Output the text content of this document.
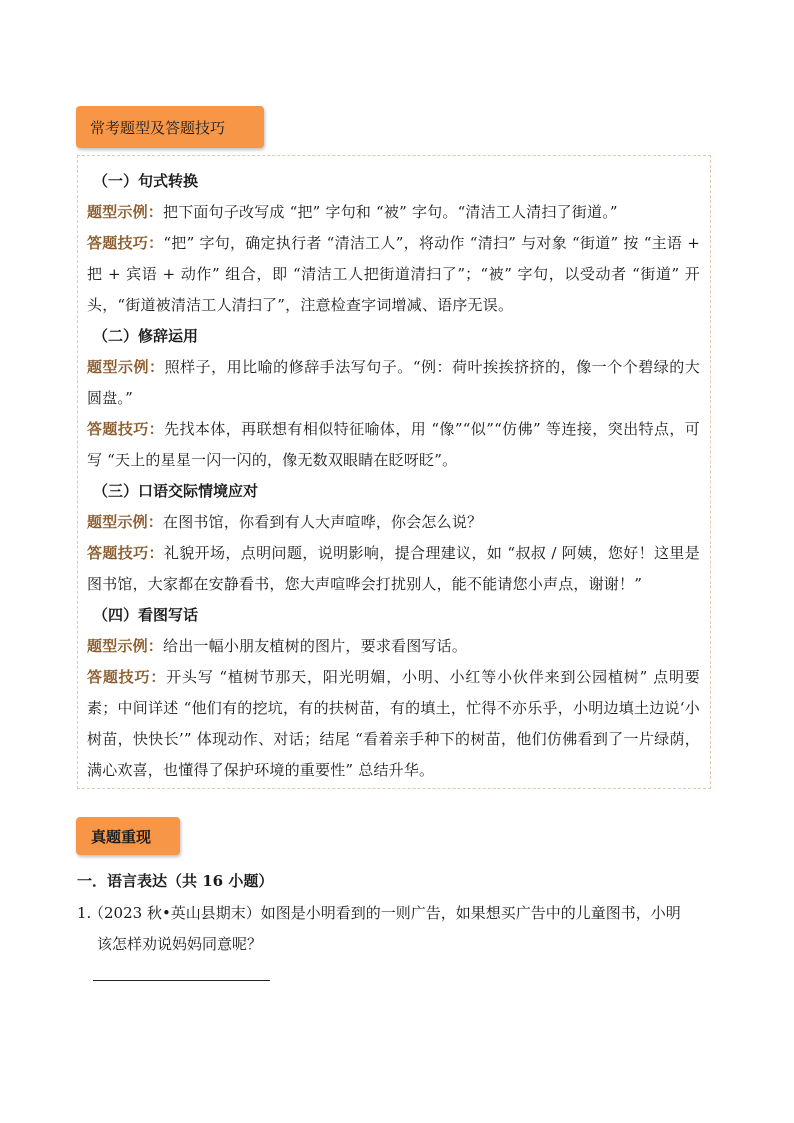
常考题型及答题技巧
（一）句式转换
题型示例：把下面句子改写成 “把” 字句和 “被” 字句。“清洁工人清扫了街道。”
答题技巧：“把” 字句，确定执行者 “清洁工人”，将动作 “清扫” 与对象 “街道” 按 “主语 + 把 + 宾语 + 动作” 组合，即 “清洁工人把街道清扫了”；“被” 字句，以受动者 “街道” 开头，“街道被清洁工人清扫了”，注意检查字词增减、语序无误。
（二）修辞运用
题型示例：照样子，用比喻的修辞手法写句子。“例：荷叶挨挨挤挤的，像一个个碧绿的大圆盘。”
答题技巧：先找本体，再联想有相似特征喻体，用 “像”“似”“仿佛” 等连接，突出特点，可写 “天上的星星一闪一闪的，像无数双眼睛在眨呀眨”。
（三）口语交际情境应对
题型示例：在图书馆，你看到有人大声喧哗，你会怎么说？
答题技巧：礼貌开场，点明问题，说明影响，提合理建议，如 “叔叔 / 阿姨，您好！这里是图书馆，大家都在安静看书，您大声喧哗会打扰别人，能不能请您小声点，谢谢！”
（四）看图写话
题型示例：给出一幅小朋友植树的图片，要求看图写话。
答题技巧：开头写 “植树节那天，阳光明媚，小明、小红等小伙伴来到公园植树” 点明要素；中间详述 “他们有的挖坑，有的扶树苗，有的填土，忙得不亦乐乎，小明边填土边说‘小树苗，快快长’” 体现动作、对话；结尾 “看着亲手种下的树苗，他们仿佛看到了一片绿荫，满心欢喜，也懂得了保护环境的重要性” 总结升华。
真题重现
一．语言表达（共 16 小题）
1.（2023 秋•英山县期末）如图是小明看到的一则广告，如果想买广告中的儿童图书，小明
该怎样劝说妈妈同意呢？
